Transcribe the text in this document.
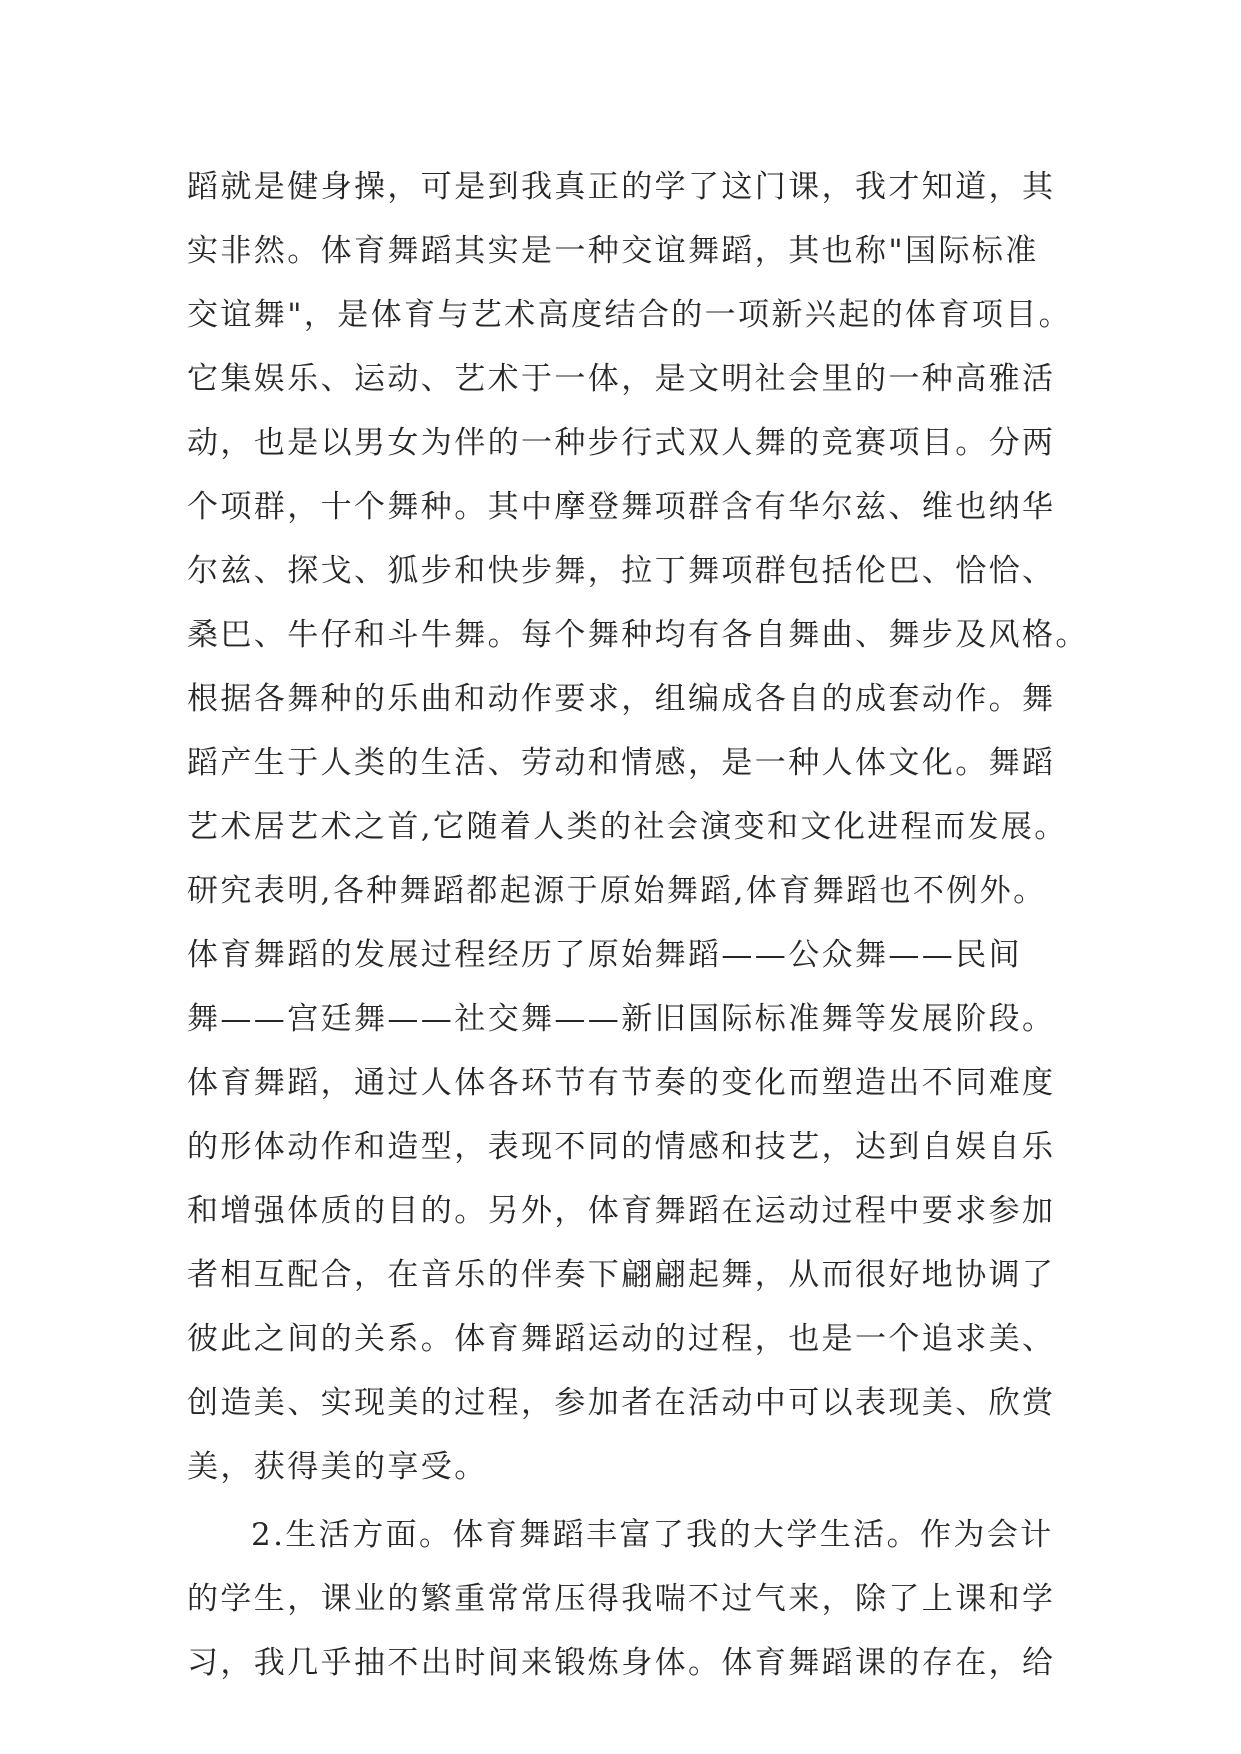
蹈就是健身操，可是到我真正的学了这门课，我才知道，其
实非然。体育舞蹈其实是一种交谊舞蹈，其也称"国际标准
交谊舞"，是体育与艺术高度结合的一项新兴起的体育项目。
它集娱乐、运动、艺术于一体，是文明社会里的一种高雅活
动，也是以男女为伴的一种步行式双人舞的竞赛项目。分两
个项群，十个舞种。其中摩登舞项群含有华尔兹、维也纳华
尔兹、探戈、狐步和快步舞，拉丁舞项群包括伦巴、恰恰、
桑巴、牛仔和斗牛舞。每个舞种均有各自舞曲、舞步及风格。
根据各舞种的乐曲和动作要求，组编成各自的成套动作。舞
蹈产生于人类的生活、劳动和情感，是一种人体文化。舞蹈
艺术居艺术之首,它随着人类的社会演变和文化进程而发展。
研究表明,各种舞蹈都起源于原始舞蹈,体育舞蹈也不例外。
体育舞蹈的发展过程经历了原始舞蹈——公众舞——民间
舞——宫廷舞——社交舞——新旧国际标准舞等发展阶段。
体育舞蹈，通过人体各环节有节奏的变化而塑造出不同难度
的形体动作和造型，表现不同的情感和技艺，达到自娱自乐
和增强体质的目的。另外，体育舞蹈在运动过程中要求参加
者相互配合，在音乐的伴奏下翩翩起舞，从而很好地协调了
彼此之间的关系。体育舞蹈运动的过程，也是一个追求美、
创造美、实现美的过程，参加者在活动中可以表现美、欣赏
美，获得美的享受。
2.生活方面。体育舞蹈丰富了我的大学生活。作为会计
的学生，课业的繁重常常压得我喘不过气来，除了上课和学
习，我几乎抽不出时间来锻炼身体。体育舞蹈课的存在，给
